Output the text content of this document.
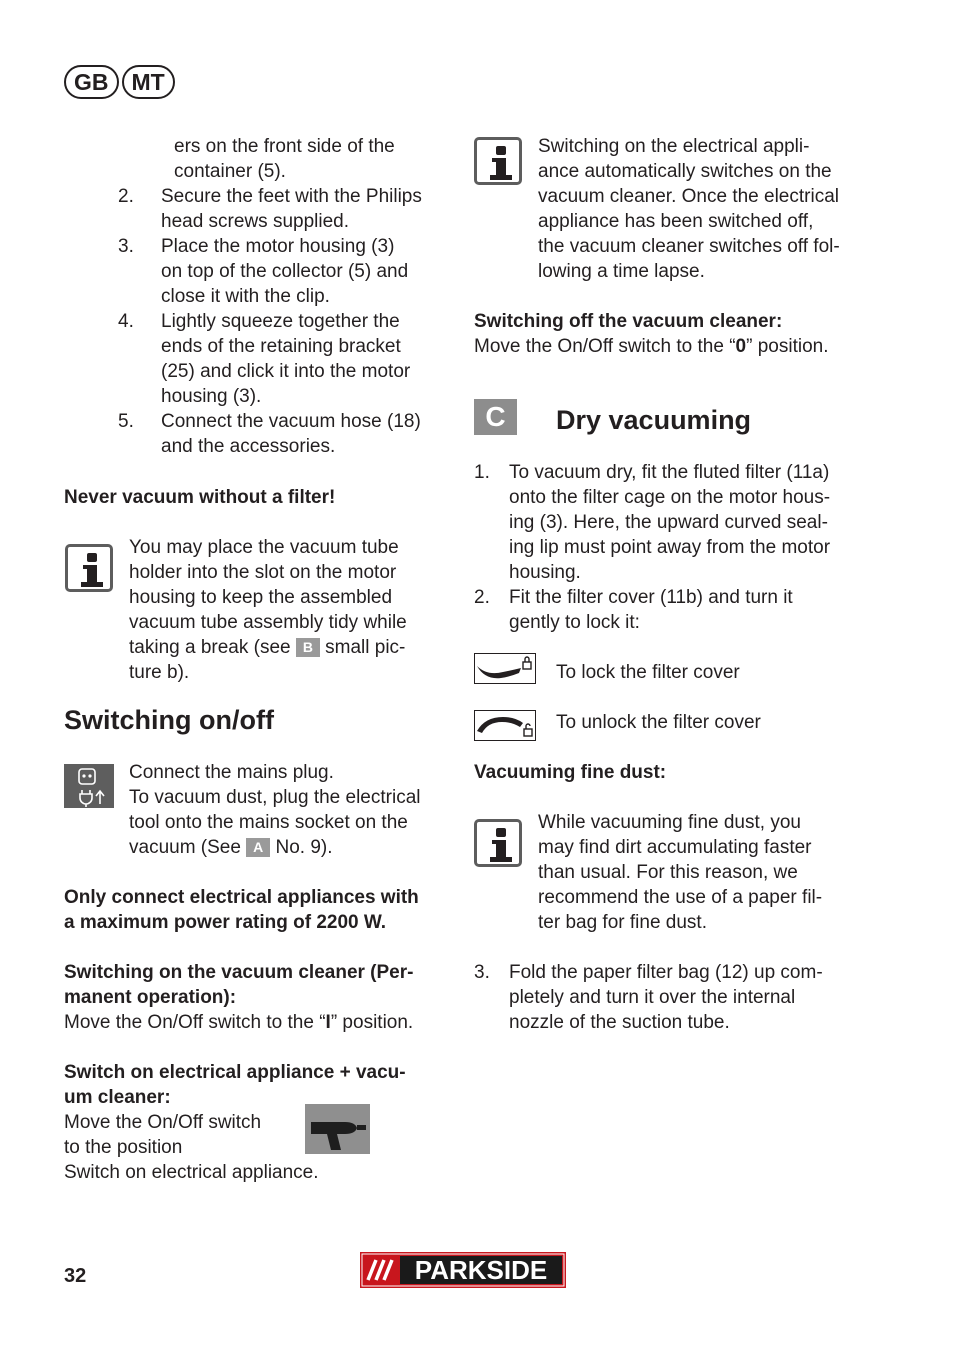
GB MT
ers on the front side of the
container (5).
2.	Secure the feet with the Philips
head screws supplied.
3.	Place the motor housing (3)
on top of the collector (5) and
close it with the clip.
4.	Lightly squeeze together the
ends of the retaining bracket
(25) and click it into the motor
housing (3).
5.	Connect the vacuum hose (18)
and the accessories.
Never vacuum without a filter!
You may place the vacuum tube
holder into the slot on the motor
housing to keep the assembled
vacuum tube assembly tidy while
taking a break (see B small pic-
ture b).
Switching on/off
Connect the mains plug.
To vacuum dust, plug the electrical
tool onto the mains socket on the
vacuum (See A No. 9).
Only connect electrical appliances with
a maximum power rating of 2200 W.
Switching on the vacuum cleaner (Per-
manent operation):
Move the On/Off switch to the “I” position.
Switch on electrical appliance + vacu-
um cleaner:
Move the On/Off switch
to the position
Switch on electrical appliance.
Switching on the electrical appli-
ance automatically switches on the
vacuum cleaner. Once the electrical
appliance has been switched off,
the vacuum cleaner switches off fol-
lowing a time lapse.
Switching off the vacuum cleaner:
Move the On/Off switch to the “0” position.
C	Dry vacuuming
1.	To vacuum dry, fit the fluted filter (11a)
onto the filter cage on the motor hous-
ing (3). Here, the upward curved seal-
ing lip must point away from the motor
housing.
2.	Fit the filter cover (11b) and turn it
gently to lock it:
To lock the filter cover
To unlock the filter cover
Vacuuming fine dust:
While vacuuming fine dust, you
may find dirt accumulating faster
than usual. For this reason, we
recommend the use of a paper fil-
ter bag for fine dust.
3.	Fold the paper filter bag (12) up com-
pletely and turn it over the internal
nozzle of the suction tube.
32	PARKSIDE
